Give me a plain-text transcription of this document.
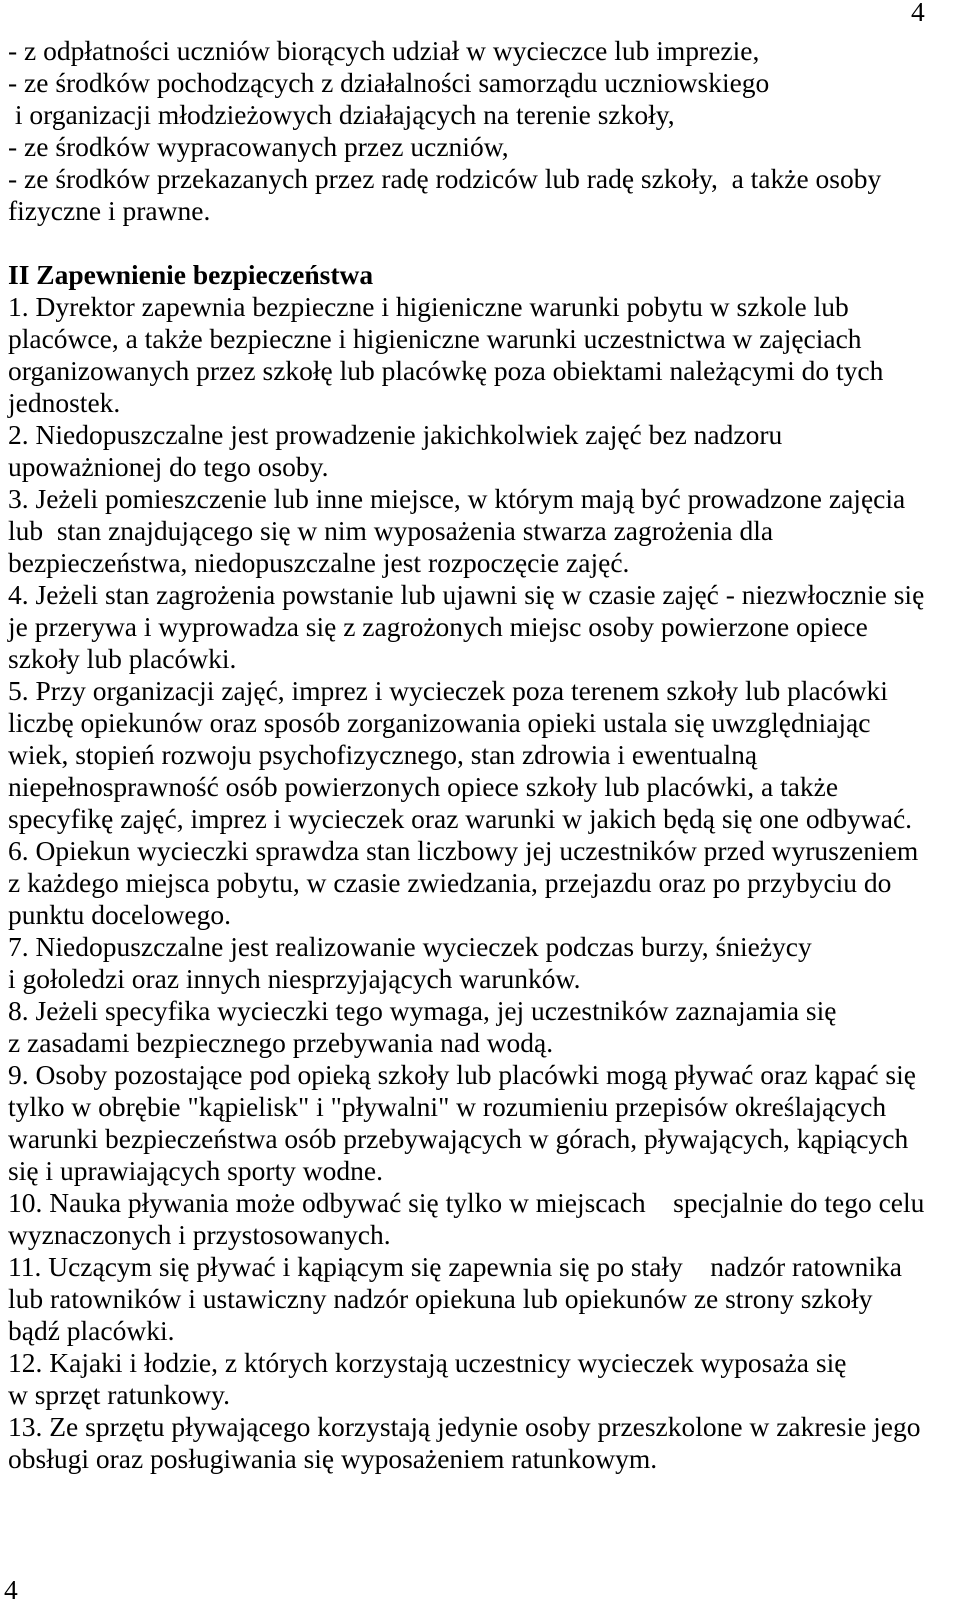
4
- z odpłatności uczniów biorących udział w wycieczce lub imprezie,
- ze środków pochodzących z działalności samorządu uczniowskiego
i organizacji młodzieżowych działających na terenie szkoły,
- ze środków wypracowanych przez uczniów,
- ze środków przekazanych przez radę rodziców lub radę szkoły,  a także osoby
fizyczne i prawne.
II Zapewnienie bezpieczeństwa
1. Dyrektor zapewnia bezpieczne i higieniczne warunki pobytu w szkole lub
placówce, a także bezpieczne i higieniczne warunki uczestnictwa w zajęciach
organizowanych przez szkołę lub placówkę poza obiektami należącymi do tych
jednostek.
2. Niedopuszczalne jest prowadzenie jakichkolwiek zajęć bez nadzoru
upoważnionej do tego osoby.
3. Jeżeli pomieszczenie lub inne miejsce, w którym mają być prowadzone zajęcia
lub  stan znajdującego się w nim wyposażenia stwarza zagrożenia dla
bezpieczeństwa, niedopuszczalne jest rozpoczęcie zajęć.
4. Jeżeli stan zagrożenia powstanie lub ujawni się w czasie zajęć - niezwłocznie się
je przerywa i wyprowadza się z zagrożonych miejsc osoby powierzone opiece
szkoły lub placówki.
5. Przy organizacji zajęć, imprez i wycieczek poza terenem szkoły lub placówki
liczbę opiekunów oraz sposób zorganizowania opieki ustala się uwzględniając
wiek, stopień rozwoju psychofizycznego, stan zdrowia i ewentualną
niepełnosprawność osób powierzonych opiece szkoły lub placówki, a także
specyfikę zajęć, imprez i wycieczek oraz warunki w jakich będą się one odbywać.
6. Opiekun wycieczki sprawdza stan liczbowy jej uczestników przed wyruszeniem
z każdego miejsca pobytu, w czasie zwiedzania, przejazdu oraz po przybyciu do
punktu docelowego.
7. Niedopuszczalne jest realizowanie wycieczek podczas burzy, śnieżycy
i gołoledzi oraz innych niesprzyjających warunków.
8. Jeżeli specyfika wycieczki tego wymaga, jej uczestników zaznajamia się
z zasadami bezpiecznego przebywania nad wodą.
9. Osoby pozostające pod opieką szkoły lub placówki mogą pływać oraz kąpać się
tylko w obrębie "kąpielisk" i "pływalni" w rozumieniu przepisów określających
warunki bezpieczeństwa osób przebywających w górach, pływających, kąpiących
się i uprawiających sporty wodne.
10. Nauka pływania może odbywać się tylko w miejscach    specjalnie do tego celu
wyznaczonych i przystosowanych.
11. Uczącym się pływać i kąpiącym się zapewnia się po stały    nadzór ratownika
lub ratowników i ustawiczny nadzór opiekuna lub opiekunów ze strony szkoły
bądź placówki.
12. Kajaki i łodzie, z których korzystają uczestnicy wycieczek wyposaża się
w sprzęt ratunkowy.
13. Ze sprzętu pływającego korzystają jedynie osoby przeszkolone w zakresie jego
obsługi oraz posługiwania się wyposażeniem ratunkowym.
4
